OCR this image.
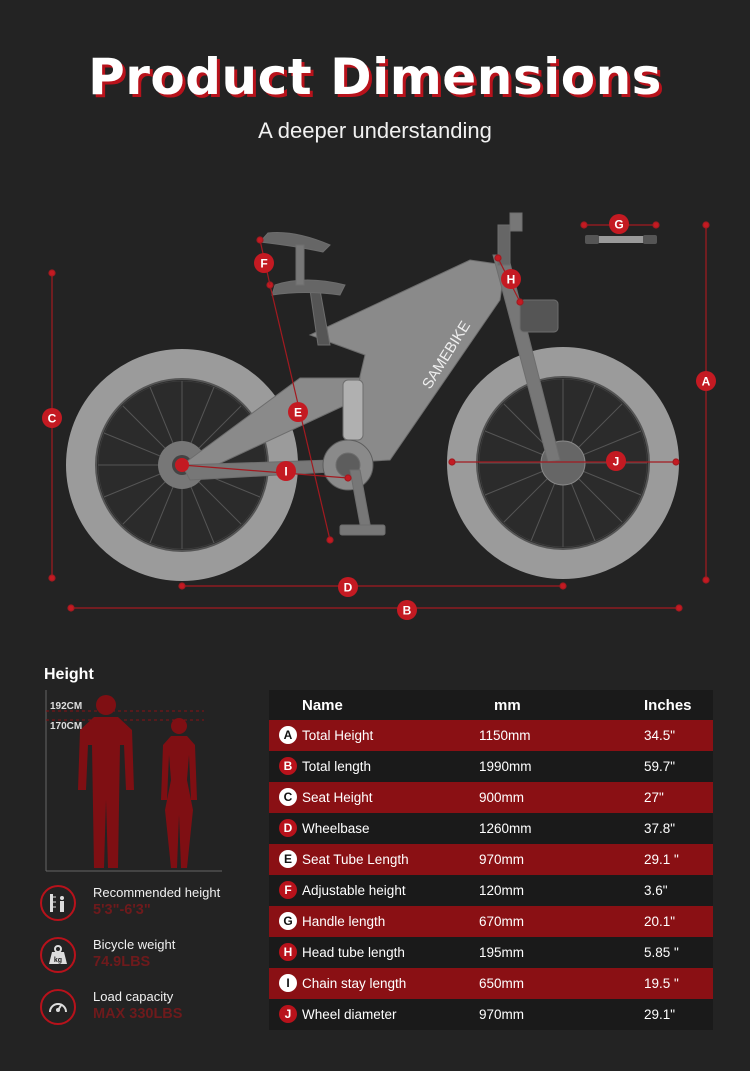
Product Dimensions
A deeper understanding
SAMEBIKE	A
B
C
D
E
F
G
H
I
J
Height
192CM
170CM
Recommended height
5'3"-6'3"
kg
Bicycle weight
74.9LBS
Load capacity
MAX 330LBS
Name	mm	Inches
A Total Height	1150mm	34.5"
B Total length	1990mm	59.7"
C Seat Height	900mm	27"
D Wheelbase	1260mm	37.8"
E Seat Tube Length	970mm	29.1 "
F Adjustable height	120mm	3.6"
G Handle length	670mm	20.1"
H Head tube length	195mm	5.85 "
I Chain stay length	650mm	19.5 "
J Wheel diameter	970mm	29.1"
